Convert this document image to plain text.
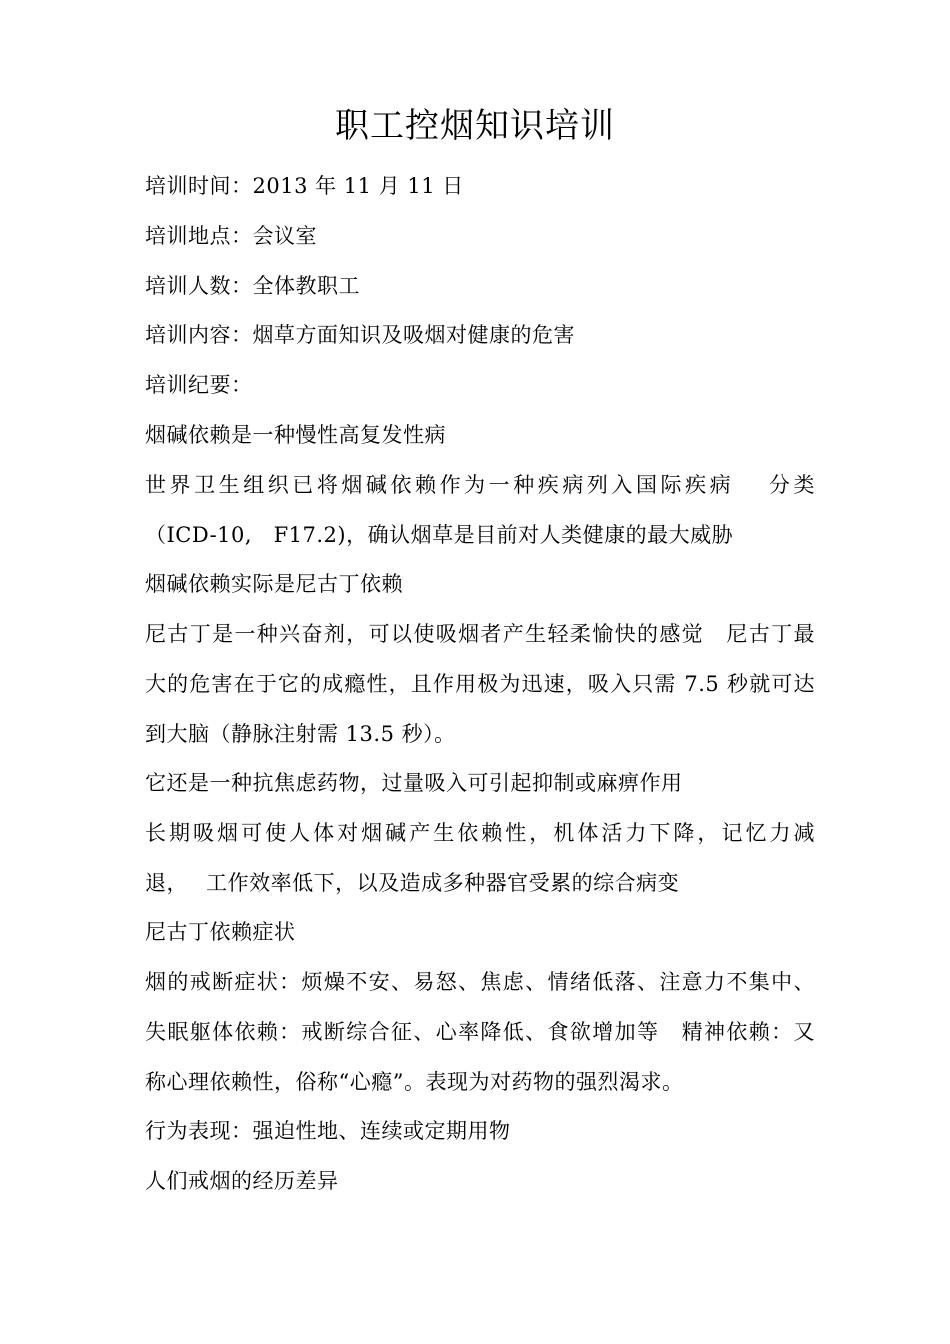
职工控烟知识培训
培训时间：2013 年 11 月 11 日
培训地点：会议室
培训人数：全体教职工
培训内容：烟草方面知识及吸烟对健康的危害
培训纪要：
烟碱依赖是一种慢性高复发性病
世界卫生组织已将烟碱依赖作为一种疾病列入国际疾病　 分类
（ICD-10,　F17.2)，确认烟草是目前对人类健康的最大威胁
烟碱依赖实际是尼古丁依赖
尼古丁是一种兴奋剂，可以使吸烟者产生轻柔愉快的感觉　尼古丁最
大的危害在于它的成瘾性，且作用极为迅速，吸入只需 7.5 秒就可达
到大脑（静脉注射需 13.5 秒）。
它还是一种抗焦虑药物，过量吸入可引起抑制或麻痹作用
长期吸烟可使人体对烟碱产生依赖性，机体活力下降，记忆力减
退，　 工作效率低下，以及造成多种器官受累的综合病变
尼古丁依赖症状
烟的戒断症状：烦燥不安、易怒、焦虑、情绪低落、注意力不集中、
失眠躯体依赖：戒断综合征、心率降低、食欲增加等　精神依赖：又
称心理依赖性，俗称“心瘾”。表现为对药物的强烈渴求。
行为表现：强迫性地、连续或定期用物
人们戒烟的经历差异
